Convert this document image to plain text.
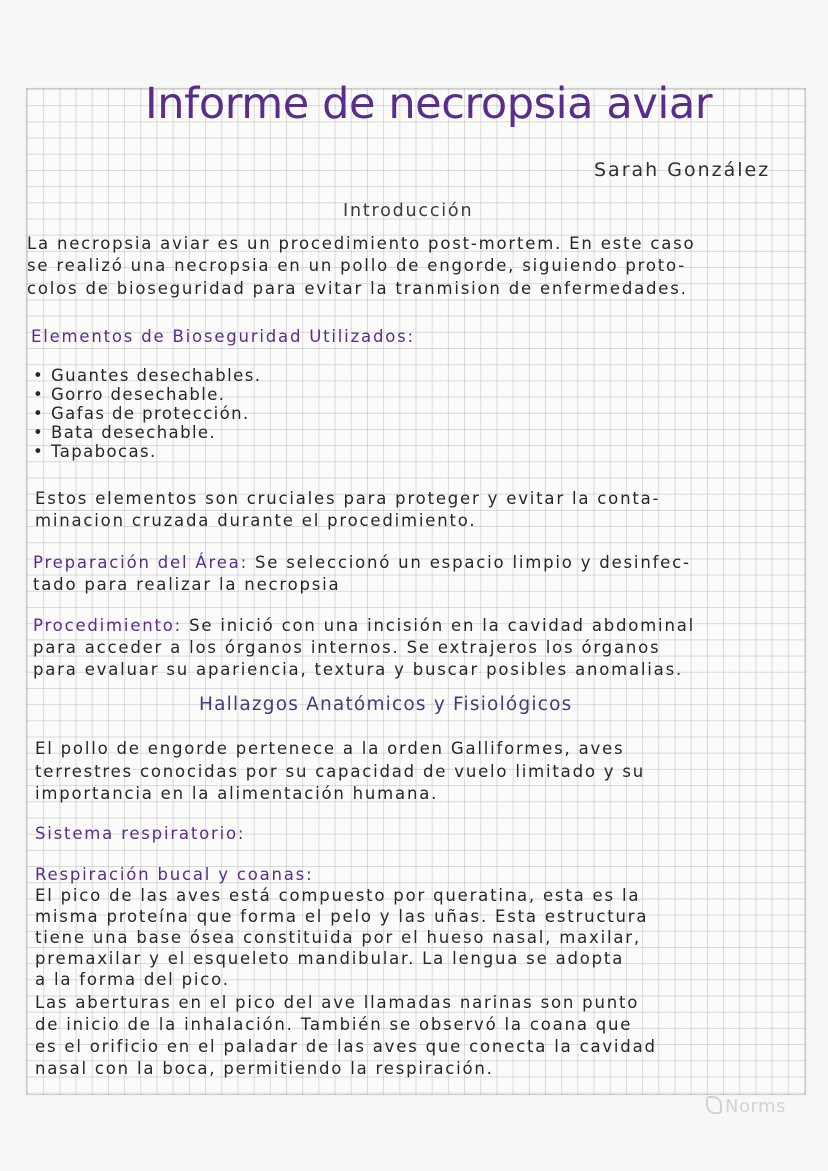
Informe de necropsia aviar
Sarah González
Introducción
La necropsia aviar es un procedimiento post-mortem. En este caso
se realizó una necropsia en un pollo de engorde, siguiendo proto-
colos de bioseguridad para evitar la tranmision de enfermedades.
Elementos de Bioseguridad Utilizados:
• Guantes desechables.
• Gorro desechable.
• Gafas de protección.
• Bata desechable.
• Tapabocas.
Estos elementos son cruciales para proteger y evitar la conta-
minacion cruzada durante el procedimiento.
Preparación del Área: Se seleccionó un espacio limpio y desinfec-
tado para realizar la necropsia
Procedimiento: Se inició con una incisión en la cavidad abdominal
para acceder a los órganos internos. Se extrajeros los órganos
para evaluar su apariencia, textura y buscar posibles anomalias.
Hallazgos Anatómicos y Fisiológicos
El pollo de engorde pertenece a la orden Galliformes, aves
terrestres conocidas por su capacidad de vuelo limitado y su
importancia en la alimentación humana.
Sistema respiratorio:
Respiración bucal y coanas:
El pico de las aves está compuesto por queratina, esta es la
misma proteína que forma el pelo y las uñas. Esta estructura
tiene una base ósea constituida por el hueso nasal, maxilar,
premaxilar y el esqueleto mandibular. La lengua se adopta
a la forma del pico.
Las aberturas en el pico del ave llamadas narinas son punto
de inicio de la inhalación. También se observó la coana que
es el orificio en el paladar de las aves que conecta la cavidad
nasal con la boca, permitiendo la respiración.
Norms
